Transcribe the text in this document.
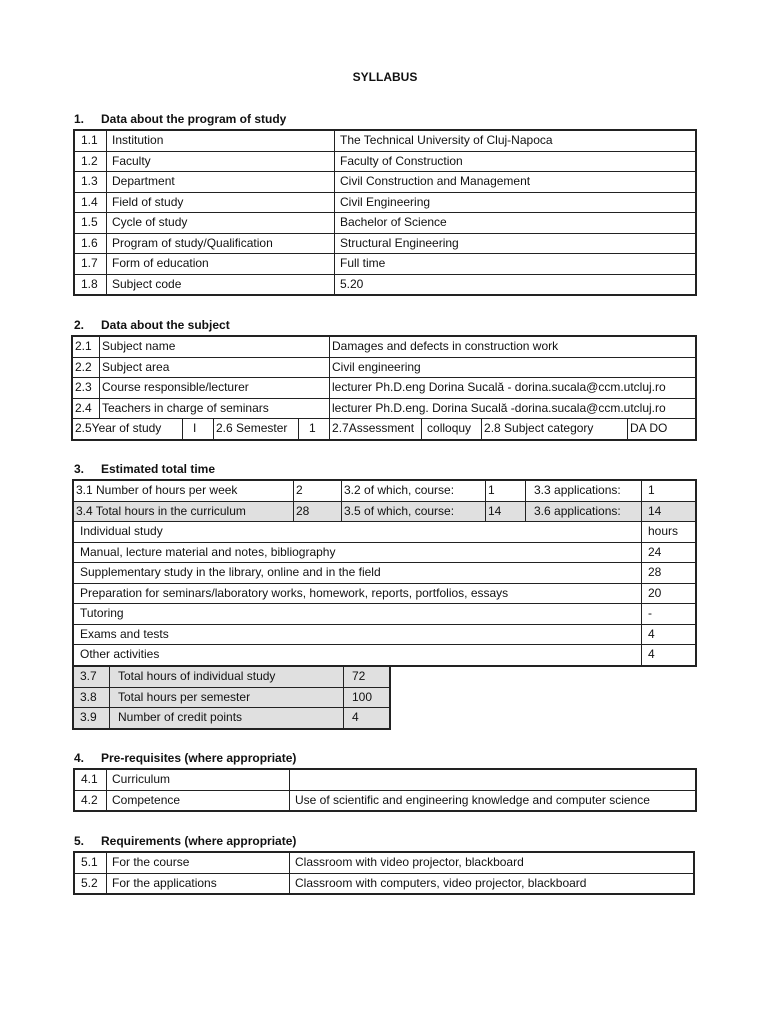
SYLLABUS
1. Data about the program of study
1.1	Institution	The Technical University of Cluj-Napoca
1.2	Faculty	Faculty of Construction
1.3	Department	Civil Construction and Management
1.4	Field of study	Civil Engineering
1.5	Cycle of study	Bachelor of Science
1.6	Program of study/Qualification	Structural Engineering
1.7	Form of education	Full time
1.8	Subject code	5.20
2. Data about the subject
2.1	Subject name				Damages and defects in construction work			
2.2	Subject area				Civil engineering			
2.3	Course responsible/lecturer				lecturer Ph.D.eng Dorina Sucală - dorina.sucala@ccm.utcluj.ro			
2.4	Teachers in charge of seminars				lecturer Ph.D.eng. Dorina Sucală -dorina.sucala@ccm.utcluj.ro			
2.5Year of study		I	2.6 Semester	1	2.7Assessment	colloquy	2.8 Subject category	DA DO
3. Estimated total time
3.1 Number of hours per week	2	3.2 of which, course:	1	3.3 applications:	1
3.4 Total hours in the curriculum	28	3.5 of which, course:	14	3.6 applications:	14
Individual study					hours
Manual, lecture material and notes, bibliography					24
Supplementary study in the library, online and in the field					28
Preparation for seminars/laboratory works, homework, reports, portfolios, essays					20
Tutoring					-
Exams and tests					4
Other activities					4
3.7	Total hours of individual study	72
3.8	Total hours per semester	100
3.9	Number of credit points	4
4. Pre-requisites (where appropriate)
4.1	Curriculum	
4.2	Competence	Use of scientific and engineering knowledge and computer science
5. Requirements (where appropriate)
5.1	For the course	Classroom with video projector, blackboard
5.2	For the applications	Classroom with computers, video projector, blackboard
